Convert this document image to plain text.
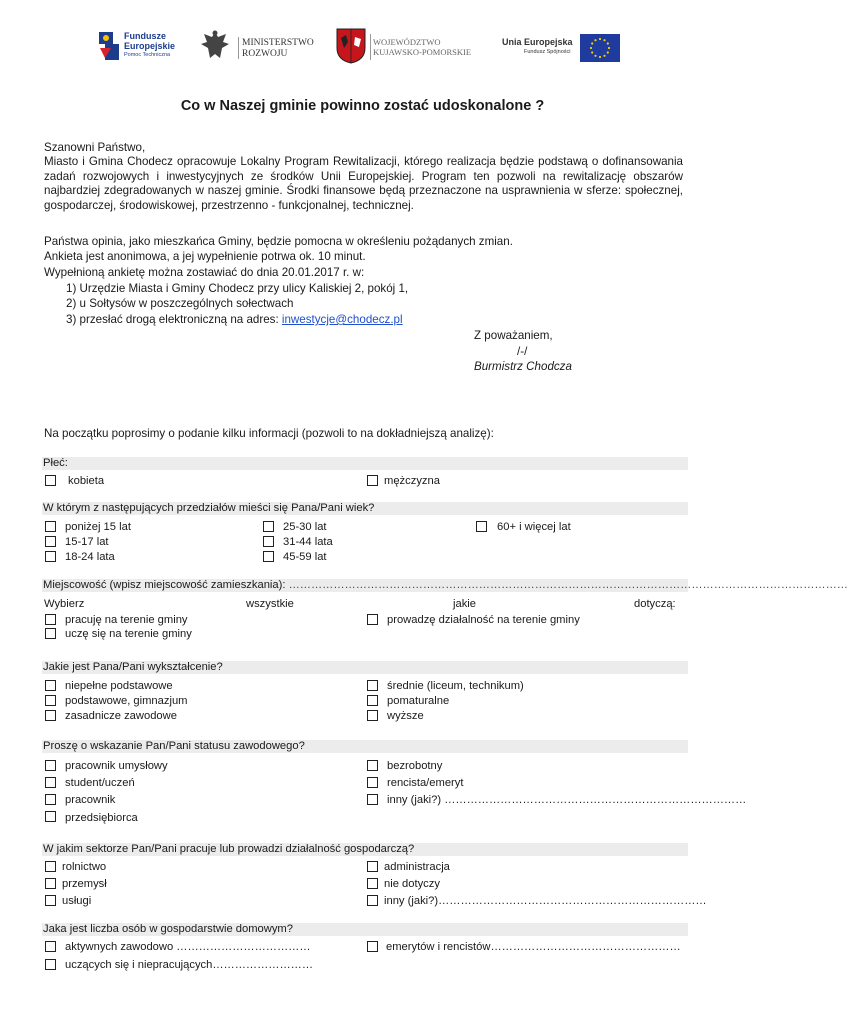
Fundusze
Europejskie
Pomoc Techniczna
MINISTERSTWO
ROZWOJU
WOJEWÓDZTWO
KUJAWSKO-POMORSKIE
Unia Europejska
Fundusz Spójności
Co w Naszej gminie powinno zostać udoskonalone ?
Szanowni Państwo,
Miasto i Gmina Chodecz opracowuje Lokalny Program Rewitalizacji, którego realizacja będzie podstawą o dofinansowania zadań rozwojowych i inwestycyjnych ze środków Unii Europejskiej. Program ten pozwoli na rewitalizację obszarów najbardziej zdegradowanych w naszej gminie. Środki finansowe będą przeznaczone na usprawnienia w sferze: społecznej, gospodarczej, środowiskowej, przestrzenno - funkcjonalnej, technicznej.
Państwa opinia, jako mieszkańca Gminy, będzie pomocna w określeniu pożądanych zmian.
Ankieta jest anonimowa, a jej wypełnienie potrwa ok. 10 minut.
Wypełnioną ankietę można zostawiać do dnia 20.01.2017 r. w:
1) Urzędzie Miasta i Gminy Chodecz przy ulicy Kaliskiej 2, pokój 1,
2) u Sołtysów w poszczególnych sołectwach
3) przesłać drogą elektroniczną na adres: inwestycje@chodecz.pl
Z poważaniem,
/-/
Burmistrz Chodcza
Na początku poprosimy o podanie kilku informacji (pozwoli to na dokładniejszą analizę):
Płeć:
kobieta	mężczyzna
W którym z następujących przedziałów mieści się Pana/Pani wiek?
poniżej 15 lat
15-17 lat
18-24 lata
25-30 lat
31-44 lata
45-59 lat
60+ i więcej lat
Miejscowość (wpisz miejscowość zamieszkania): ……………………………………………………………………………………………………………………………………
Wybierz	wszystkie	jakie	dotyczą:
pracuję na terenie gminy
uczę się na terenie gminy
prowadzę działalność na terenie gminy
Jakie jest Pana/Pani wykształcenie?
niepełne podstawowe
podstawowe, gimnazjum
zasadnicze zawodowe
średnie (liceum, technikum)
pomaturalne
wyższe
Proszę o wskazanie Pan/Pani statusu zawodowego?
pracownik umysłowy
student/uczeń
pracownik
przedsiębiorca
bezrobotny
rencista/emeryt
inny (jaki?) ………………………………………………………………………
W jakim sektorze Pan/Pani pracuje lub prowadzi działalność gospodarczą?
rolnictwo
przemysł
usługi
administracja
nie dotyczy
inny (jaki?)………………………………………………………………
Jaka jest liczba osób w gospodarstwie domowym?
aktywnych zawodowo ………………………………
uczących się i niepracujących………………………
emerytów i rencistów……………………………………………
